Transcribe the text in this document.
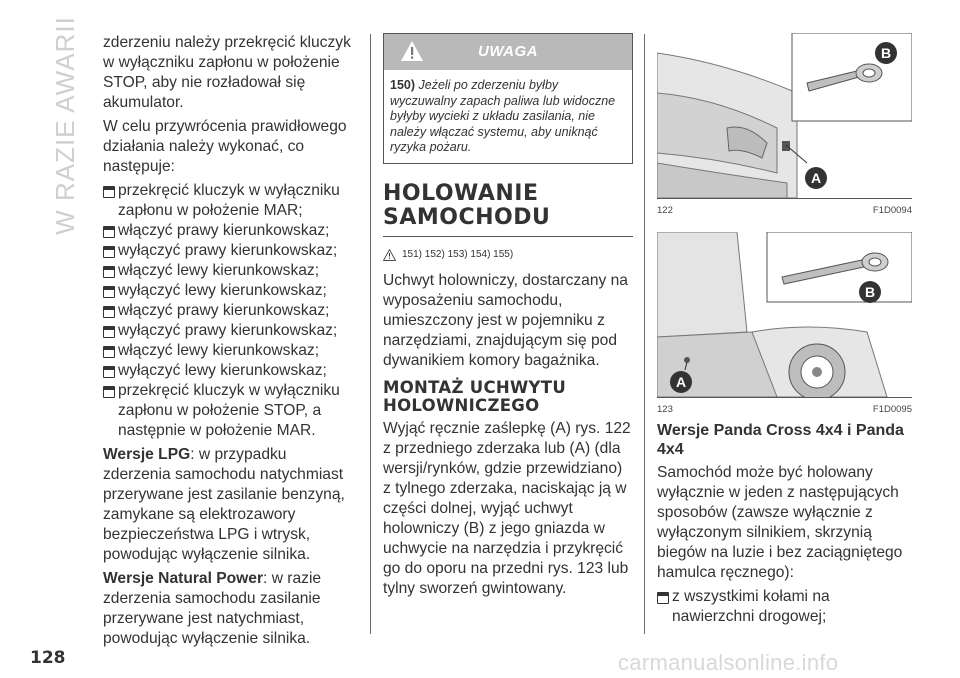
W RAZIE AWARII zderzeniu należy przekręcić kluczyk w wyłączniku zapłonu w położenie STOP, aby nie rozładował się akumulator.

W celu przywrócenia prawidłowego działania należy wykonać, co następuje:

przekręcić kluczyk w wyłączniku zapłonu w położenie MAR;
włączyć prawy kierunkowskaz;
wyłączyć prawy kierunkowskaz;
włączyć lewy kierunkowskaz;
wyłączyć lewy kierunkowskaz;
włączyć prawy kierunkowskaz;
wyłączyć prawy kierunkowskaz;
włączyć lewy kierunkowskaz;
wyłączyć lewy kierunkowskaz;
przekręcić kluczyk w wyłączniku zapłonu w położenie STOP, a następnie w położenie MAR.

Wersje LPG: w przypadku zderzenia samochodu natychmiast przerywane jest zasilanie benzyną, zamykane są elektrozawory bezpieczeństwa LPG i wtrysk, powodując wyłączenie silnika.

Wersje Natural Power: w razie zderzenia samochodu zasilanie przerywane jest natychmiast, powodując wyłączenie silnika.

UWAGA
150) Jeżeli po zderzeniu byłby wyczuwalny zapach paliwa lub widoczne byłyby wycieki z układu zasilania, nie należy włączać systemu, aby uniknąć ryzyka pożaru.
HOLOWANIE
SAMOCHODU
151) 152) 153) 154) 155)

Uchwyt holowniczy, dostarczany na wyposażeniu samochodu, umieszczony jest w pojemniku z narzędziami, znajdującym się pod dywanikiem komory bagażnika.

MONTAŻ UCHWYTU
HOLOWNICZEGO

Wyjąć ręcznie zaślepkę (A) rys. 122 z przedniego zderzaka lub (A) (dla wersji/rynków, gdzie przewidziano) z tylnego zderzaka, naciskając ją w części dolnej, wyjąć uchwyt holowniczy (B) z jego gniazda w uchwycie na narzędzia i przykręcić go do oporu na przedni rys. 123 lub tylny sworzeń gwintowany.

B
A
122	F1D0094
B
A
123	F1D0095
Wersje Panda Cross 4x4 i Panda 4x4

Samochód może być holowany wyłącznie w jeden z następujących sposobów (zawsze wyłącznie z wyłączonym silnikiem, skrzynią biegów na luzie i bez zaciągniętego hamulca ręcznego):

z wszystkimi kołami na nawierzchni drogowej;
128	carmanualsonline.info
